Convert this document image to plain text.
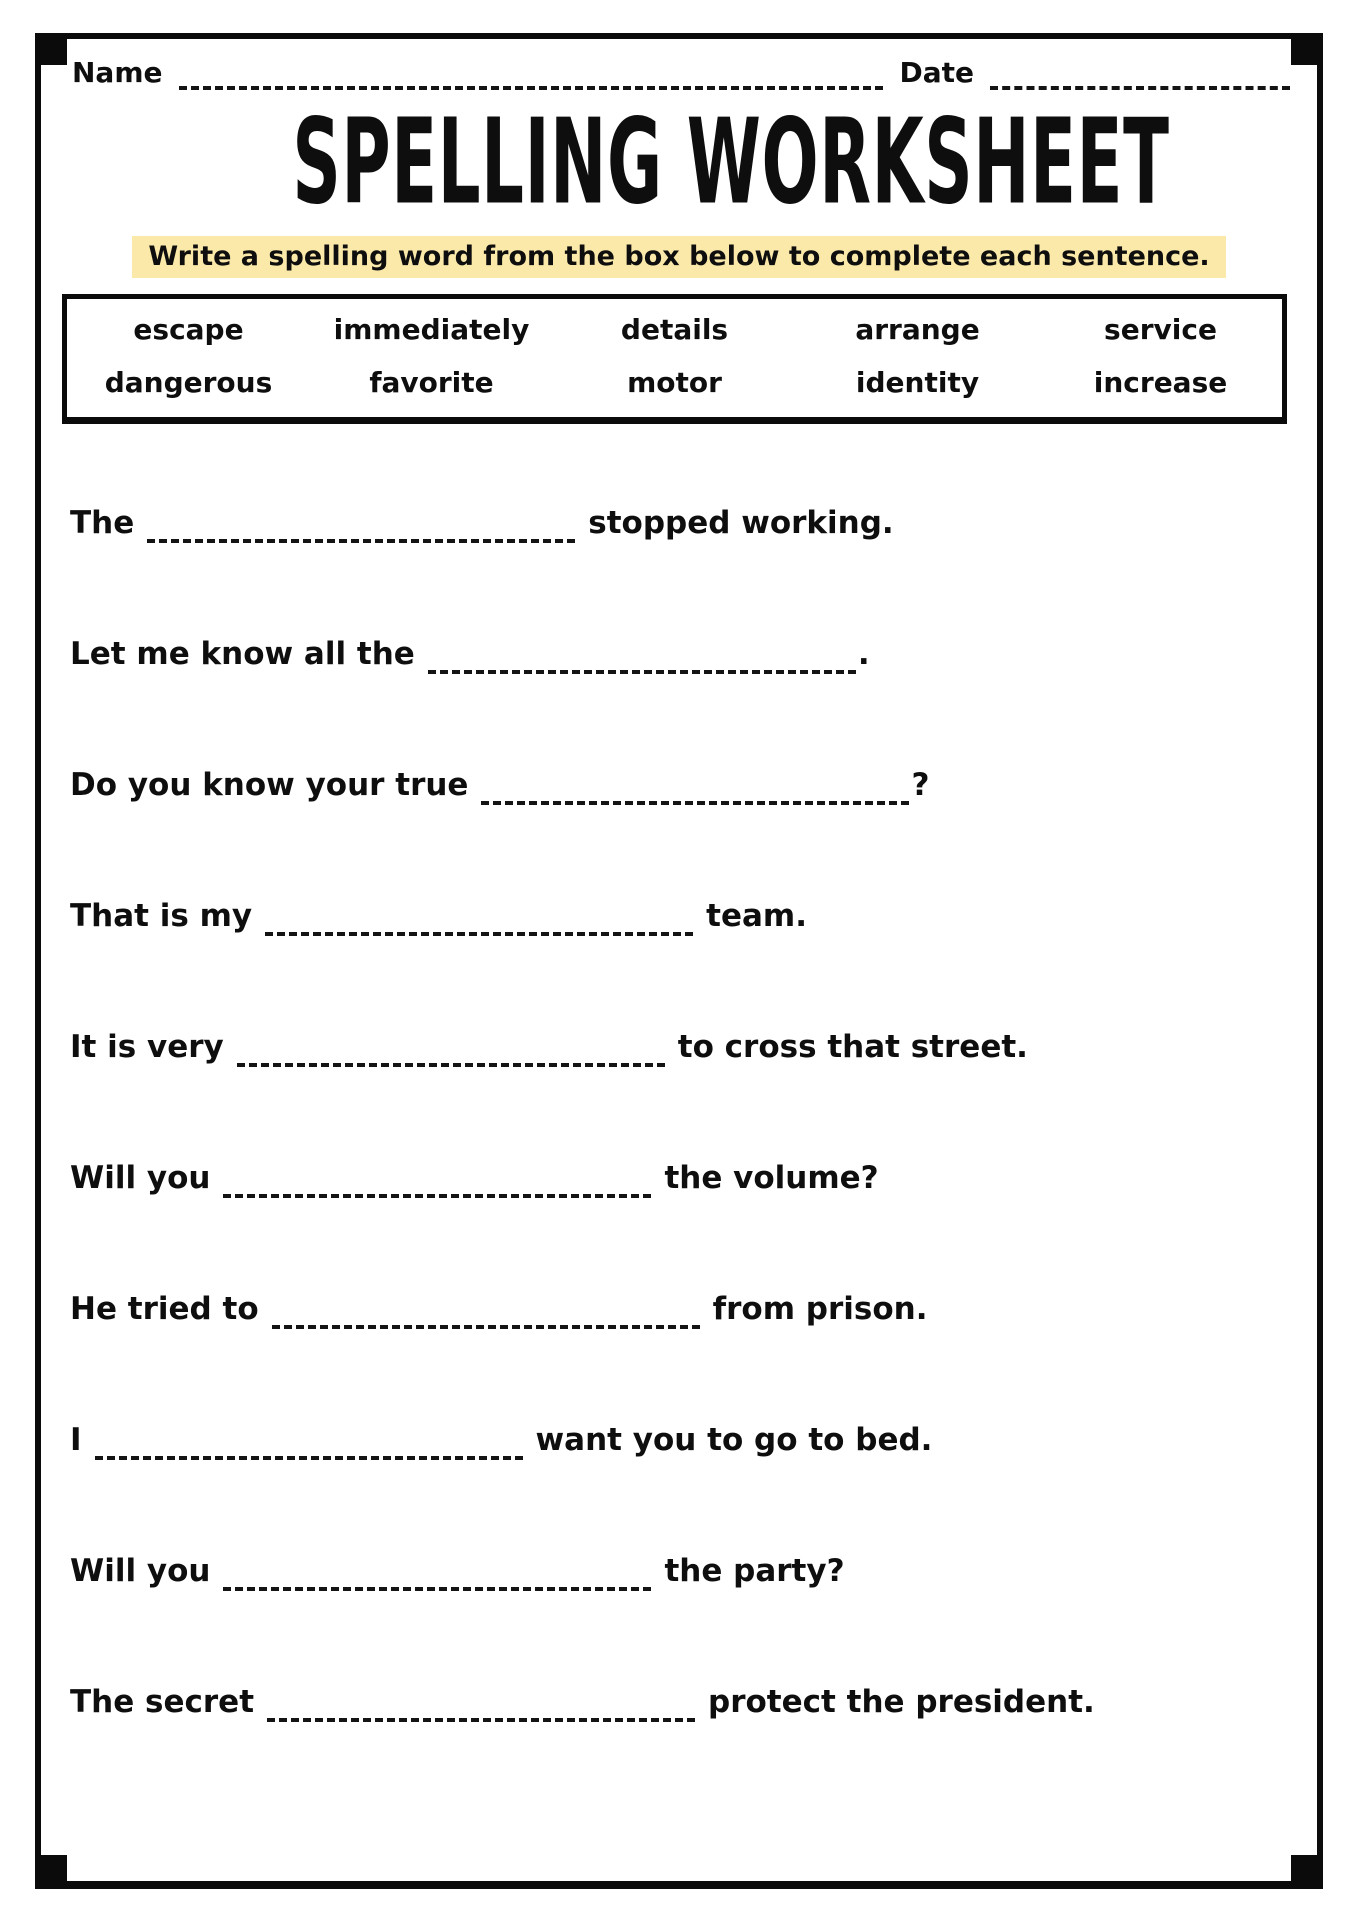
Name	Date
SPELLING WORKSHEET
Write a spelling word from the box below to complete each sentence.
escape	immediately	details	arrange	service
dangerous	favorite	motor	identity	increase
The	stopped working.
Let me know all the	.
Do you know your true	?
That is my	team.
It is very	to cross that street.
Will you	the volume?
He tried to	from prison.
I	want you to go to bed.
Will you	the party?
The secret	protect the president.
